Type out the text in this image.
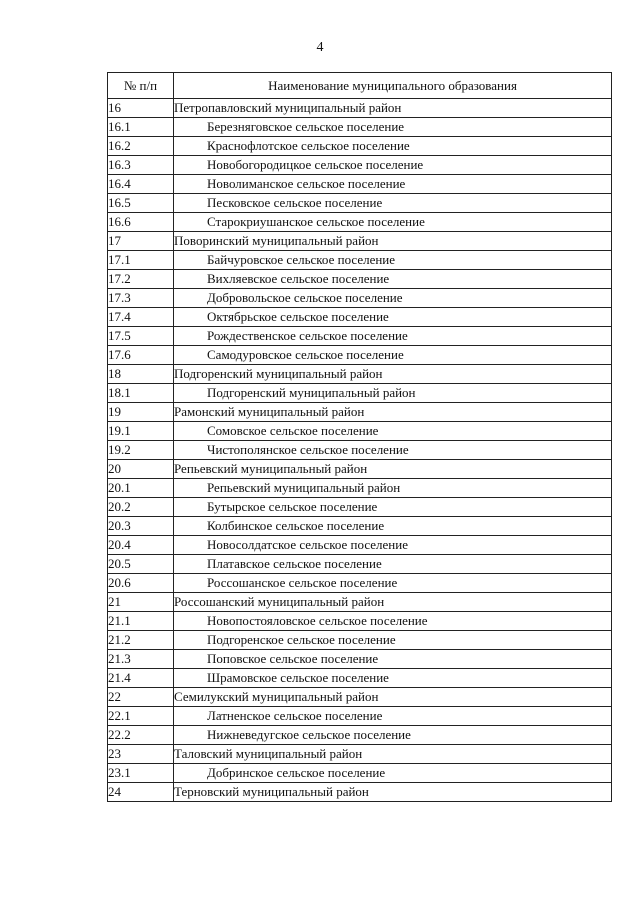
4
№ п/п	Наименование муниципального образования
16	Петропавловский муниципальный район
16.1	Березняговское сельское поселение
16.2	Краснофлотское сельское поселение
16.3	Новобогородицкое сельское поселение
16.4	Новолиманское сельское поселение
16.5	Песковское сельское поселение
16.6	Старокриушанское сельское поселение
17	Поворинский муниципальный район
17.1	Байчуровское сельское поселение
17.2	Вихляевское сельское поселение
17.3	Добровольское сельское поселение
17.4	Октябрьское сельское поселение
17.5	Рождественское сельское поселение
17.6	Самодуровское сельское поселение
18	Подгоренский муниципальный район
18.1	Подгоренский муниципальный район
19	Рамонский муниципальный район
19.1	Сомовское сельское поселение
19.2	Чистополянское сельское поселение
20	Репьевский муниципальный район
20.1	Репьевский муниципальный район
20.2	Бутырское сельское поселение
20.3	Колбинское сельское поселение
20.4	Новосолдатское сельское поселение
20.5	Платавское сельское поселение
20.6	Россошанское сельское поселение
21	Россошанский муниципальный район
21.1	Новопостояловское сельское поселение
21.2	Подгоренское сельское поселение
21.3	Поповское сельское поселение
21.4	Шрамовское сельское поселение
22	Семилукский муниципальный район
22.1	Латненское сельское поселение
22.2	Нижневедугское сельское поселение
23	Таловский муниципальный район
23.1	Добринское сельское поселение
24	Терновский муниципальный район
